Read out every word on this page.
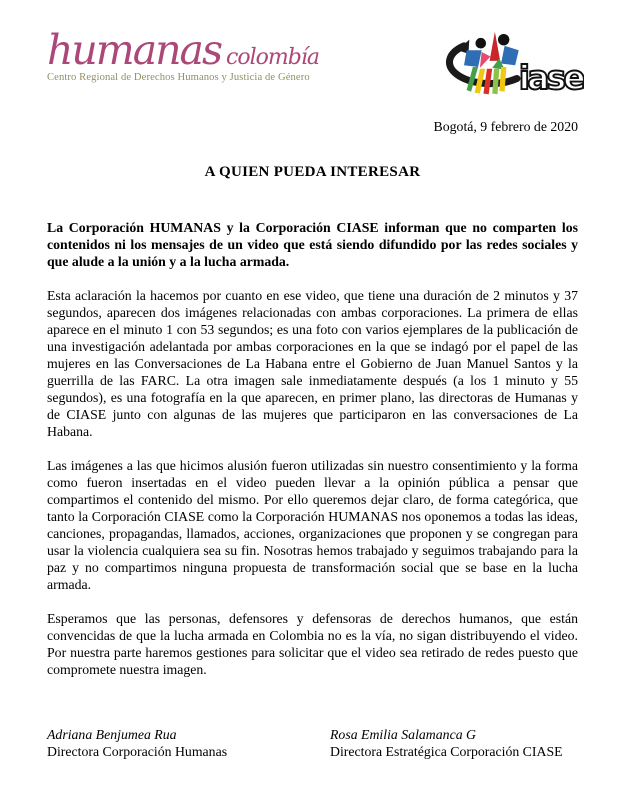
humanas colombía
Centro Regional de Derechos Humanos y Justicia de Género	iase
Bogotá, 9 febrero de 2020
A QUIEN PUEDA INTERESAR

La Corporación HUMANAS y la Corporación CIASE informan que no comparten los contenidos ni los mensajes de un video que está siendo difundido por las redes sociales y que alude a la unión y a la lucha armada.

Esta aclaración la hacemos por cuanto en ese video, que tiene una duración de 2 minutos y 37 segundos, aparecen dos imágenes relacionadas con ambas corporaciones. La primera de ellas aparece en el minuto 1 con 53 segundos; es una foto con varios ejemplares de la publicación de una investigación adelantada por ambas corporaciones en la que se indagó por el papel de las mujeres en las Conversaciones de La Habana entre el Gobierno de Juan Manuel Santos y la guerrilla de las FARC. La otra imagen sale inmediatamente después (a los 1 minuto y 55 segundos), es una fotografía en la que aparecen, en primer plano, las directoras de Humanas y de CIASE junto con algunas de las mujeres que participaron en las conversaciones de La Habana.

Las imágenes a las que hicimos alusión fueron utilizadas sin nuestro consentimiento y la forma como fueron insertadas en el video pueden llevar a la opinión pública a pensar que compartimos el contenido del mismo. Por ello queremos dejar claro, de forma categórica, que tanto la Corporación CIASE como la Corporación HUMANAS nos oponemos a todas las ideas, canciones, propagandas, llamados, acciones, organizaciones que proponen y se congregan para usar la violencia cualquiera sea su fin. Nosotras hemos trabajado y seguimos trabajando para la paz y no compartimos ninguna propuesta de transformación social que se base en la lucha armada.

Esperamos que las personas, defensores y defensoras de derechos humanos, que están convencidas de que la lucha armada en Colombia no es la vía, no sigan distribuyendo el video. Por nuestra parte haremos gestiones para solicitar que el video sea retirado de redes puesto que compromete nuestra imagen.

Adriana Benjumea Rua
Directora Corporación Humanas
Rosa Emilia Salamanca G
Directora Estratégica Corporación CIASE
